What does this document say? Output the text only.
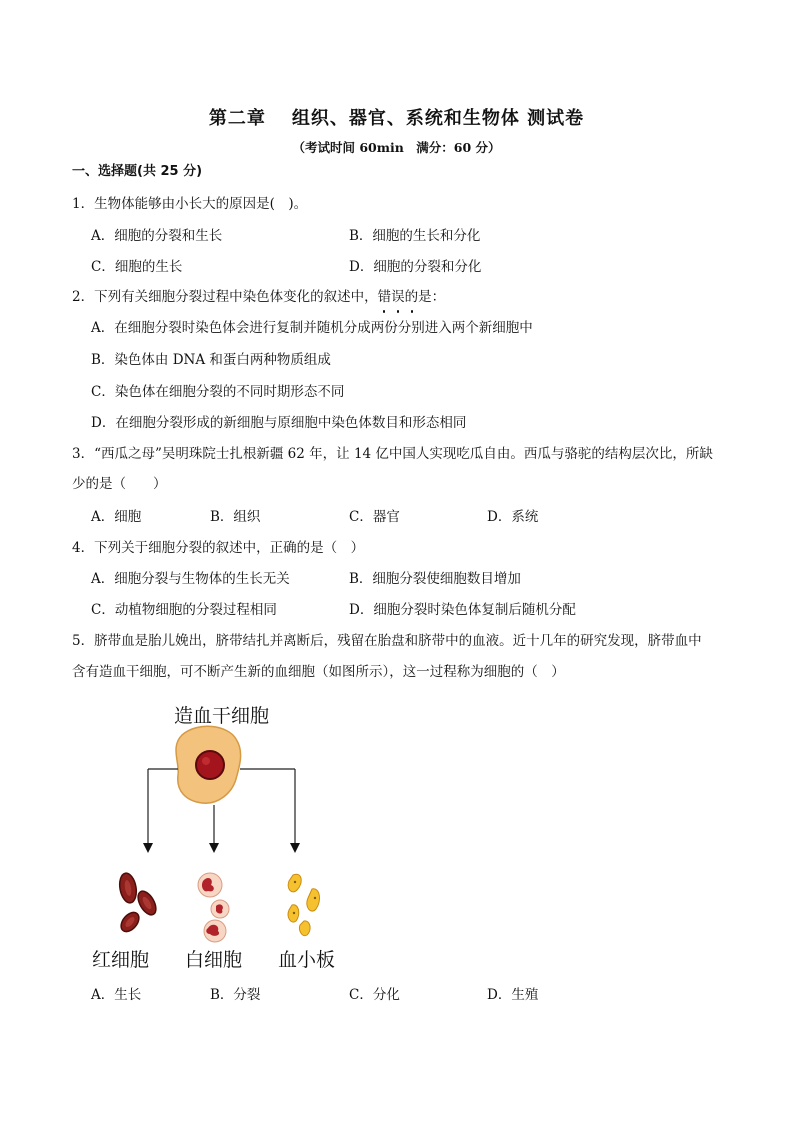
第二章 组织、器官、系统和生物体 测试卷
（考试时间 60min　满分：60 分）
一、选择题(共 25 分)
1．生物体能够由小长大的原因是(　)。
A．细胞的分裂和生长	B．细胞的生长和分化
C．细胞的生长	D．细胞的分裂和分化
2．下列有关细胞分裂过程中染色体变化的叙述中，错误的
是：
A．在细胞分裂时染色体会进行复制并随机分成两份分别进入两个新细胞中
B．染色体由 DNA 和蛋白两种物质组成
C．染色体在细胞分裂的不同时期形态不同
D．在细胞分裂形成的新细胞与原细胞中染色体数目和形态相同
3．“西瓜之母”吴明珠院士扎根新疆 62 年，让 14 亿中国人实现吃瓜自由。西瓜与骆驼的结构层次比，所缺
少的是（　　）
A．细胞	B．组织	C．器官	D．系统
4．下列关于细胞分裂的叙述中，正确的是（　）
A．细胞分裂与生物体的生长无关	B．细胞分裂使细胞数目增加
C．动植物细胞的分裂过程相同	D．细胞分裂时染色体复制后随机分配
5．脐带血是胎儿娩出，脐带结扎并离断后，残留在胎盘和脐带中的血液。近十几年的研究发现，脐带血中
含有造血干细胞，可不断产生新的血细胞（如图所示），这一过程称为细胞的（　）
造血干细胞
红细胞 白细胞 血小板
A．生长	B．分裂	C．分化	D．生殖
